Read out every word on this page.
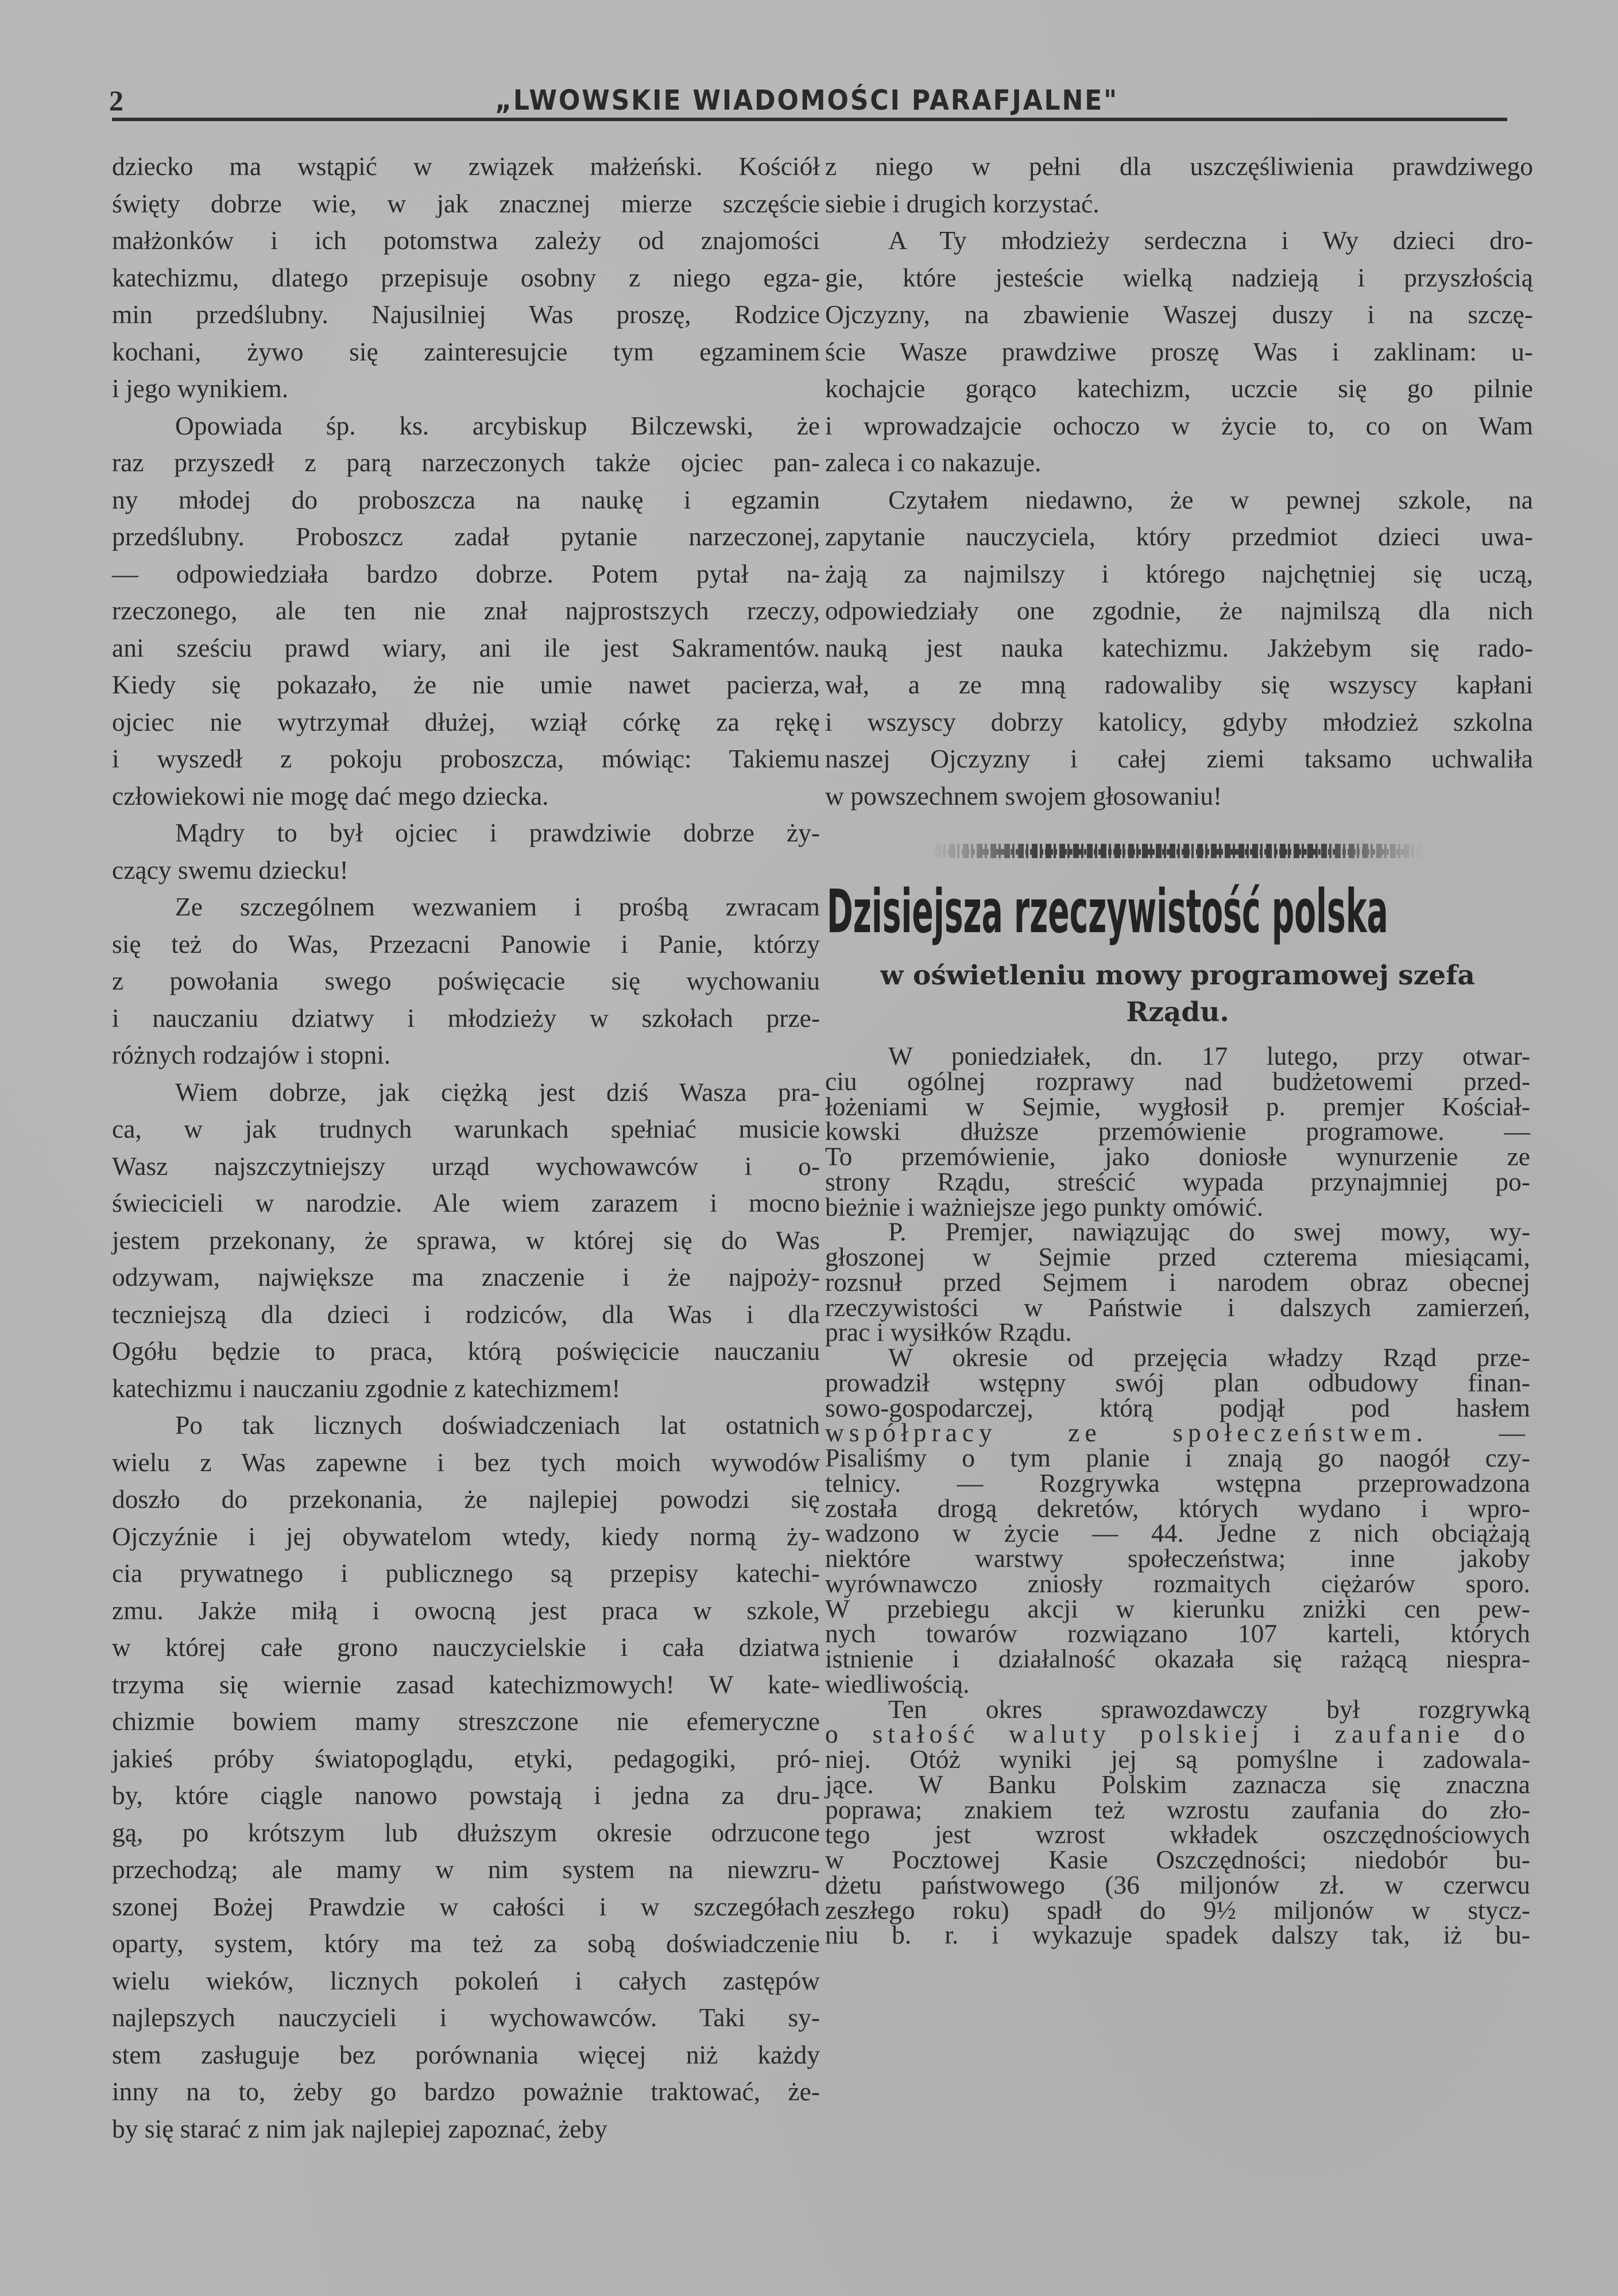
2	„LWOWSKIE WIADOMOŚCI PARAFJALNE"
dziecko ma wstąpić w związek małżeński. Kościół
święty dobrze wie, w jak znacznej mierze szczęście
małżonków i ich potomstwa zależy od znajomości
katechizmu, dlatego przepisuje osobny z niego egza-
min przedślubny. Najusilniej Was proszę, Rodzice
kochani, żywo się zainteresujcie tym egzaminem
i jego wynikiem.
Opowiada śp. ks. arcybiskup Bilczewski, że
raz przyszedł z parą narzeczonych także ojciec pan-
ny młodej do proboszcza na naukę i egzamin
przedślubny. Proboszcz zadał pytanie narzeczonej,
— odpowiedziała bardzo dobrze. Potem pytał na-
rzeczonego, ale ten nie znał najprostszych rzeczy,
ani sześciu prawd wiary, ani ile jest Sakramentów.
Kiedy się pokazało, że nie umie nawet pacierza,
ojciec nie wytrzymał dłużej, wziął córkę za rękę
i wyszedł z pokoju proboszcza, mówiąc: Takiemu
człowiekowi nie mogę dać mego dziecka.
Mądry to był ojciec i prawdziwie dobrze ży-
czący swemu dziecku!
Ze szczególnem wezwaniem i prośbą zwracam
się też do Was, Przezacni Panowie i Panie, którzy
z powołania swego poświęcacie się wychowaniu
i nauczaniu dziatwy i młodzieży w szkołach prze-
różnych rodzajów i stopni.
Wiem dobrze, jak ciężką jest dziś Wasza pra-
ca, w jak trudnych warunkach spełniać musicie
Wasz najszczytniejszy urząd wychowawców i o-
świecicieli w narodzie. Ale wiem zarazem i mocno
jestem przekonany, że sprawa, w której się do Was
odzywam, największe ma znaczenie i że najpoży-
teczniejszą dla dzieci i rodziców, dla Was i dla
Ogółu będzie to praca, którą poświęcicie nauczaniu
katechizmu i nauczaniu zgodnie z katechizmem!
Po tak licznych doświadczeniach lat ostatnich
wielu z Was zapewne i bez tych moich wywodów
doszło do przekonania, że najlepiej powodzi się
Ojczyźnie i jej obywatelom wtedy, kiedy normą ży-
cia prywatnego i publicznego są przepisy katechi-
zmu. Jakże miłą i owocną jest praca w szkole,
w której całe grono nauczycielskie i cała dziatwa
trzyma się wiernie zasad katechizmowych! W kate-
chizmie bowiem mamy streszczone nie efemeryczne
jakieś próby światopoglądu, etyki, pedagogiki, pró-
by, które ciągle nanowo powstają i jedna za dru-
gą, po krótszym lub dłuższym okresie odrzucone
przechodzą; ale mamy w nim system na niewzru-
szonej Bożej Prawdzie w całości i w szczegółach
oparty, system, który ma też za sobą doświadczenie
wielu wieków, licznych pokoleń i całych zastępów
najlepszych nauczycieli i wychowawców. Taki sy-
stem zasługuje bez porównania więcej niż każdy
inny na to, żeby go bardzo poważnie traktować, że-
by się starać z nim jak najlepiej zapoznać, żeby
z niego w pełni dla uszczęśliwienia prawdziwego
siebie i drugich korzystać.
A Ty młodzieży serdeczna i Wy dzieci dro-
gie, które jesteście wielką nadzieją i przyszłością
Ojczyzny, na zbawienie Waszej duszy i na szczę-
ście Wasze prawdziwe proszę Was i zaklinam: u-
kochajcie gorąco katechizm, uczcie się go pilnie
i wprowadzajcie ochoczo w życie to, co on Wam
zaleca i co nakazuje.
Czytałem niedawno, że w pewnej szkole, na
zapytanie nauczyciela, który przedmiot dzieci uwa-
żają za najmilszy i którego najchętniej się uczą,
odpowiedziały one zgodnie, że najmilszą dla nich
nauką jest nauka katechizmu. Jakżebym się rado-
wał, a ze mną radowaliby się wszyscy kapłani
i wszyscy dobrzy katolicy, gdyby młodzież szkolna
naszej Ojczyzny i całej ziemi taksamo uchwaliła
w powszechnem swojem głosowaniu!
Dzisiejsza rzeczywistość polska
w oświetleniu mowy programowej szefa
Rządu.
W poniedziałek, dn. 17 lutego, przy otwar-
ciu ogólnej rozprawy nad budżetowemi przed-
łożeniami w Sejmie, wygłosił p. premjer Kościał-
kowski dłuższe przemówienie programowe. —
To przemówienie, jako doniosłe wynurzenie ze
strony Rządu, streścić wypada przynajmniej po-
bieżnie i ważniejsze jego punkty omówić.
P. Premjer, nawiązując do swej mowy, wy-
głoszonej w Sejmie przed czterema miesiącami,
rozsnuł przed Sejmem i narodem obraz obecnej
rzeczywistości w Państwie i dalszych zamierzeń,
prac i wysiłków Rządu.
W okresie od przejęcia władzy Rząd prze-
prowadził wstępny swój plan odbudowy finan-
sowo-gospodarczej, którą podjął pod hasłem
współpracy ze społeczeństwem. —
Pisaliśmy o tym planie i znają go naogół czy-
telnicy. — Rozgrywka wstępna przeprowadzona
została drogą dekretów, których wydano i wpro-
wadzono w życie — 44. Jedne z nich obciążają
niektóre warstwy społeczeństwa; inne jakoby
wyrównawczo zniosły rozmaitych ciężarów sporo.
W przebiegu akcji w kierunku zniżki cen pew-
nych towarów rozwiązano 107 karteli, których
istnienie i działalność okazała się rażącą niespra-
wiedliwością.
Ten okres sprawozdawczy był rozgrywką
o stałość waluty polskiej i zaufanie do
niej. Otóż wyniki jej są pomyślne i zadowala-
jące. W Banku Polskim zaznacza się znaczna
poprawa; znakiem też wzrostu zaufania do zło-
tego jest wzrost wkładek oszczędnościowych
w Pocztowej Kasie Oszczędności; niedobór bu-
dżetu państwowego (36 miljonów zł. w czerwcu
zeszłego roku) spadł do 9½ miljonów w stycz-
niu b. r. i wykazuje spadek dalszy tak, iż bu-
